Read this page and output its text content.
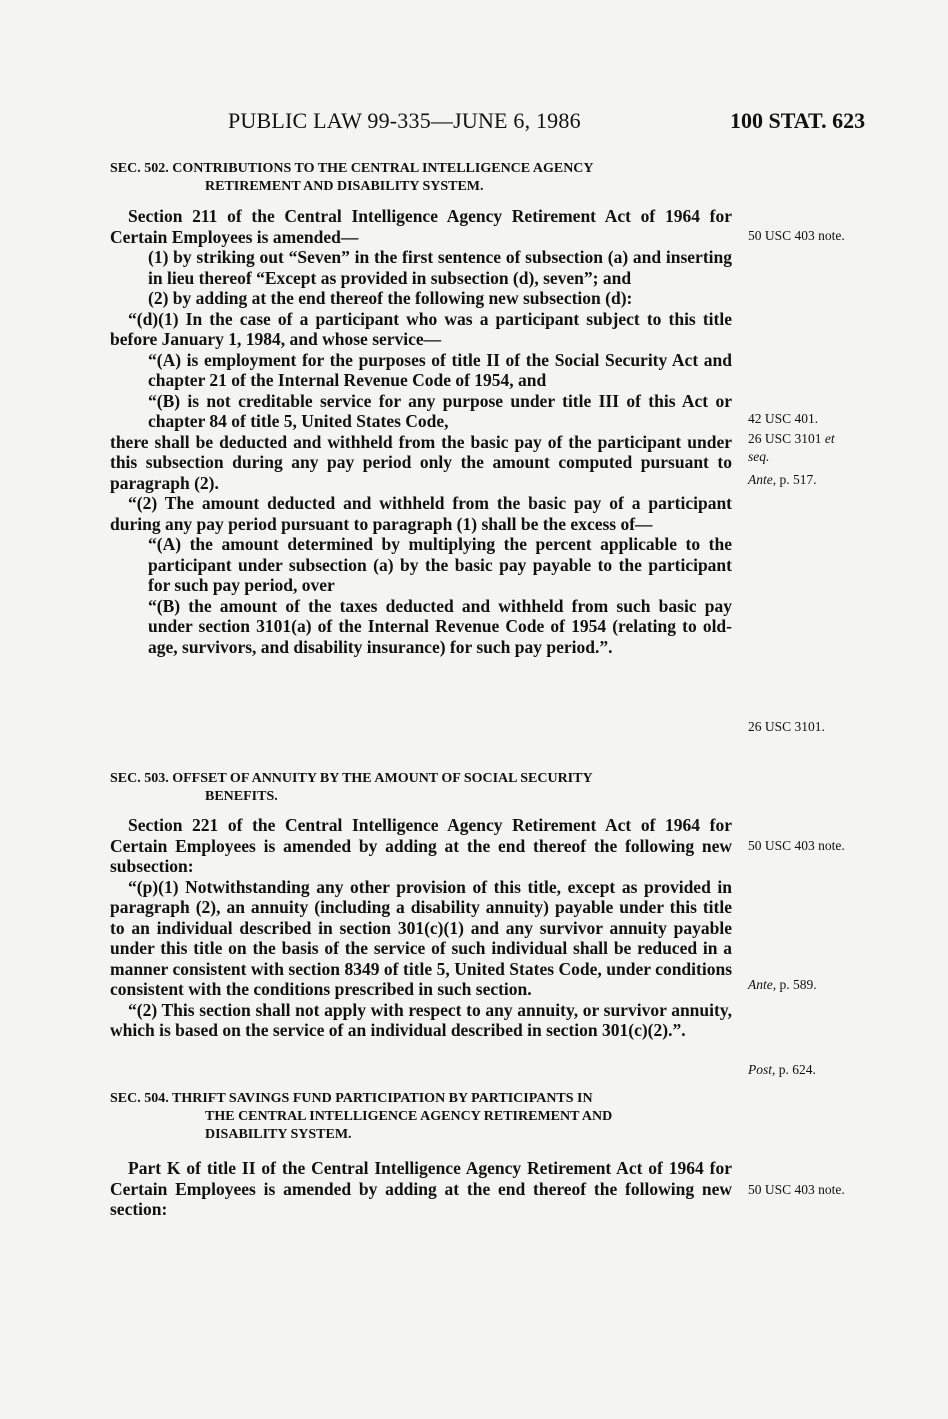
PUBLIC LAW 99-335—JUNE 6, 1986	100 STAT. 623
SEC. 502. CONTRIBUTIONS TO THE CENTRAL INTELLIGENCE AGENCY
RETIREMENT AND DISABILITY SYSTEM.

Section 211 of the Central Intelligence Agency Retirement Act of 1964 for Certain Employees is amended—

(1) by striking out “Seven” in the first sentence of subsection (a) and inserting in lieu thereof “Except as provided in subsection (d), seven”; and

(2) by adding at the end thereof the following new subsection (d):

“(d)(1) In the case of a participant who was a participant subject to this title before January 1, 1984, and whose service—

“(A) is employment for the purposes of title II of the Social Security Act and chapter 21 of the Internal Revenue Code of 1954, and

“(B) is not creditable service for any purpose under title III of this Act or chapter 84 of title 5, United States Code,

there shall be deducted and withheld from the basic pay of the participant under this subsection during any pay period only the amount computed pursuant to paragraph (2).

“(2) The amount deducted and withheld from the basic pay of a participant during any pay period pursuant to paragraph (1) shall be the excess of—

“(A) the amount determined by multiplying the percent applicable to the participant under subsection (a) by the basic pay payable to the participant for such pay period, over

“(B) the amount of the taxes deducted and withheld from such basic pay under section 3101(a) of the Internal Revenue Code of 1954 (relating to old-age, survivors, and disability insurance) for such pay period.”.

SEC. 503. OFFSET OF ANNUITY BY THE AMOUNT OF SOCIAL SECURITY
BENEFITS.

Section 221 of the Central Intelligence Agency Retirement Act of 1964 for Certain Employees is amended by adding at the end thereof the following new subsection:

“(p)(1) Notwithstanding any other provision of this title, except as provided in paragraph (2), an annuity (including a disability annuity) payable under this title to an individual described in section 301(c)(1) and any survivor annuity payable under this title on the basis of the service of such individual shall be reduced in a manner consistent with section 8349 of title 5, United States Code, under conditions consistent with the conditions prescribed in such section.

“(2) This section shall not apply with respect to any annuity, or survivor annuity, which is based on the service of an individual described in section 301(c)(2).”.

SEC. 504. THRIFT SAVINGS FUND PARTICIPATION BY PARTICIPANTS IN
THE CENTRAL INTELLIGENCE AGENCY RETIREMENT AND
DISABILITY SYSTEM.

Part K of title II of the Central Intelligence Agency Retirement Act of 1964 for Certain Employees is amended by adding at the end thereof the following new section:

50 USC 403 note.
42 USC 401.
26 USC 3101 et
seq.
Ante, p. 517.
26 USC 3101.
50 USC 403 note.
Ante, p. 589.
Post, p. 624.
50 USC 403 note.
